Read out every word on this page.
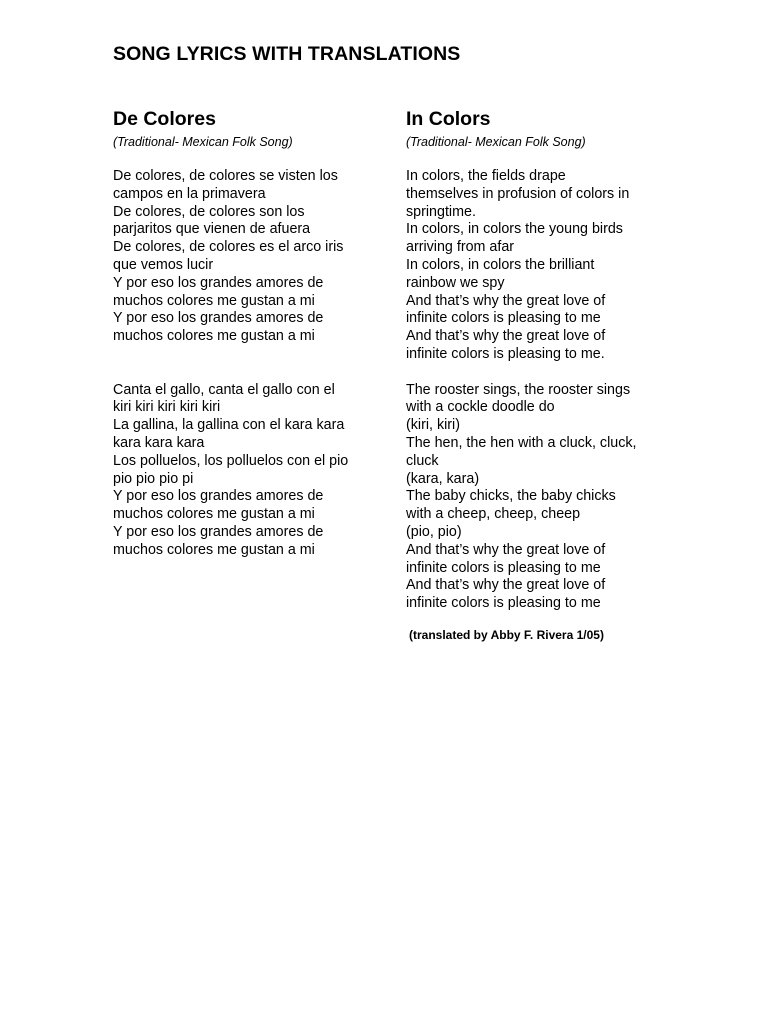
SONG LYRICS WITH TRANSLATIONS
De Colores

(Traditional- Mexican Folk Song)

De colores, de colores se visten los
campos en la primavera
De colores, de colores son los
parjaritos que vienen de afuera
De colores, de colores es el arco iris
que vemos lucir
Y por eso los grandes amores de
muchos colores me gustan a mi
Y por eso los grandes amores de
muchos colores me gustan a mi

Canta el gallo, canta el gallo con el
kiri kiri kiri kiri kiri
La gallina, la gallina con el kara kara
kara kara kara
Los polluelos, los polluelos con el pio
pio pio pio pi
Y por eso los grandes amores de
muchos colores me gustan a mi
Y por eso los grandes amores de
muchos colores me gustan a mi

In Colors

(Traditional- Mexican Folk Song)

In colors, the fields drape
themselves in profusion of colors in
springtime.
In colors, in colors the young birds
arriving from afar
In colors, in colors the brilliant
rainbow we spy
And that’s why the great love of
infinite colors is pleasing to me
And that’s why the great love of
infinite colors is pleasing to me.

The rooster sings, the rooster sings
with a cockle doodle do
(kiri, kiri)
The hen, the hen with a cluck, cluck,
cluck
(kara, kara)
The baby chicks, the baby chicks
with a cheep, cheep, cheep
(pio, pio)
And that’s why the great love of
infinite colors is pleasing to me
And that’s why the great love of
infinite colors is pleasing to me

(translated by Abby F. Rivera 1/05)
